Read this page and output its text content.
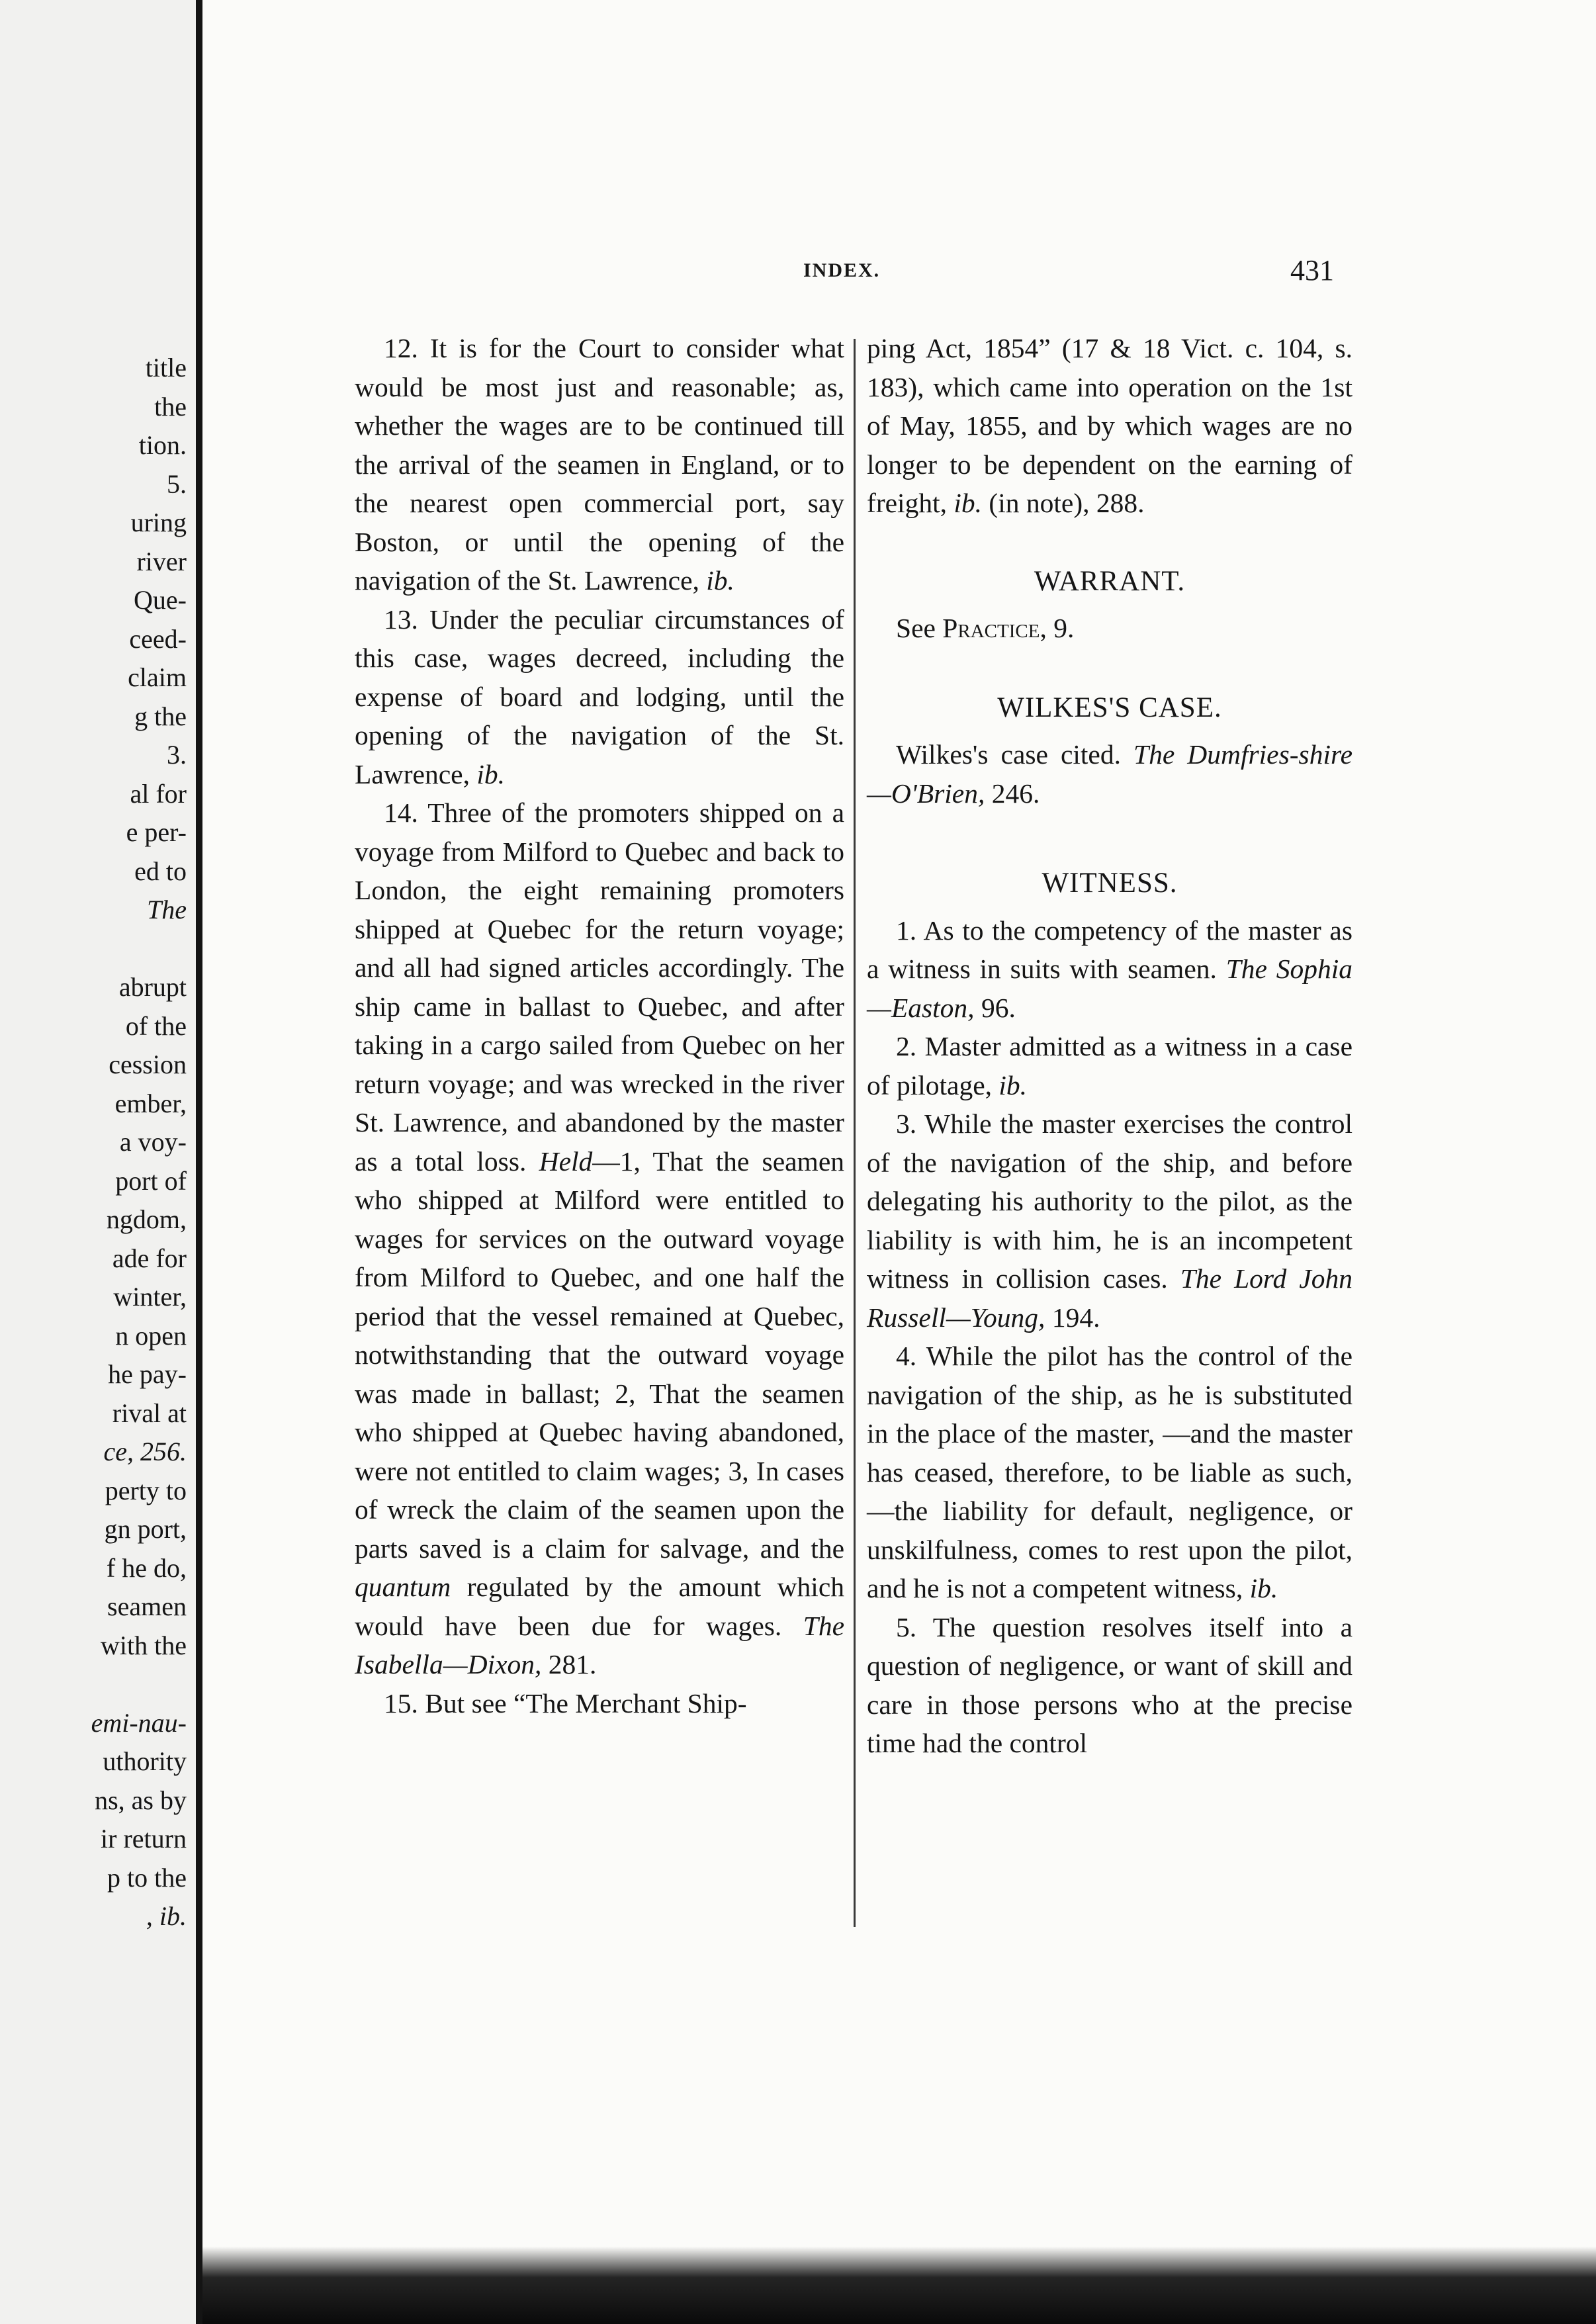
title
the
tion.
5.
uring
river
Que-
ceed-
claim
g the
3.
al for
e per-
ed to
The

abrupt
of the
cession
ember,
a voy-
port of
ngdom,
ade for
winter,
n open
he pay-
rival at
ce, 256.
perty to
gn port,
f he do,
seamen
with the

emi-nau-
uthority
ns, as by
ir return
p to the
, ib.
INDEX.	431

12. It is for the Court to consider what would be most just and reasonable; as, whether the wages are to be continued till the arrival of the seamen in England, or to the nearest open commercial port, say Boston, or until the opening of the navigation of the St. Lawrence, ib.

13. Under the peculiar circumstances of this case, wages decreed, including the expense of board and lodging, until the opening of the navigation of the St. Lawrence, ib.

14. Three of the promoters shipped on a voyage from Milford to Quebec and back to London, the eight remaining promoters shipped at Quebec for the return voyage; and all had signed articles accordingly. The ship came in ballast to Quebec, and after taking in a cargo sailed from Quebec on her return voyage; and was wrecked in the river St. Lawrence, and abandoned by the master as a total loss. Held—1, That the seamen who shipped at Milford were entitled to wages for services on the outward voyage from Milford to Quebec, and one half the period that the vessel remained at Quebec, notwithstanding that the outward voyage was made in ballast; 2, That the seamen who shipped at Quebec having abandoned, were not entitled to claim wages; 3, In cases of wreck the claim of the seamen upon the parts saved is a claim for salvage, and the quantum regulated by the amount which would have been due for wages. The Isabella—Dixon, 281.

15. But see “The Merchant Ship-

ping Act, 1854” (17 & 18 Vict. c. 104, s. 183), which came into operation on the 1st of May, 1855, and by which wages are no longer to be dependent on the earning of freight, ib. (in note), 288.

WARRANT.

See Practice, 9.

WILKES'S CASE.

Wilkes's case cited. The Dumfries-shire—O'Brien, 246.

WITNESS.

1. As to the competency of the master as a witness in suits with seamen. The Sophia—Easton, 96.

2. Master admitted as a witness in a case of pilotage, ib.

3. While the master exercises the control of the navigation of the ship, and before delegating his authority to the pilot, as the liability is with him, he is an incompetent witness in collision cases. The Lord John Russell—Young, 194.

4. While the pilot has the control of the navigation of the ship, as he is substituted in the place of the master, —and the master has ceased, therefore, to be liable as such,—the liability for default, negligence, or unskilfulness, comes to rest upon the pilot, and he is not a competent witness, ib.

5. The question resolves itself into a question of negligence, or want of skill and care in those persons who at the precise time had the control
